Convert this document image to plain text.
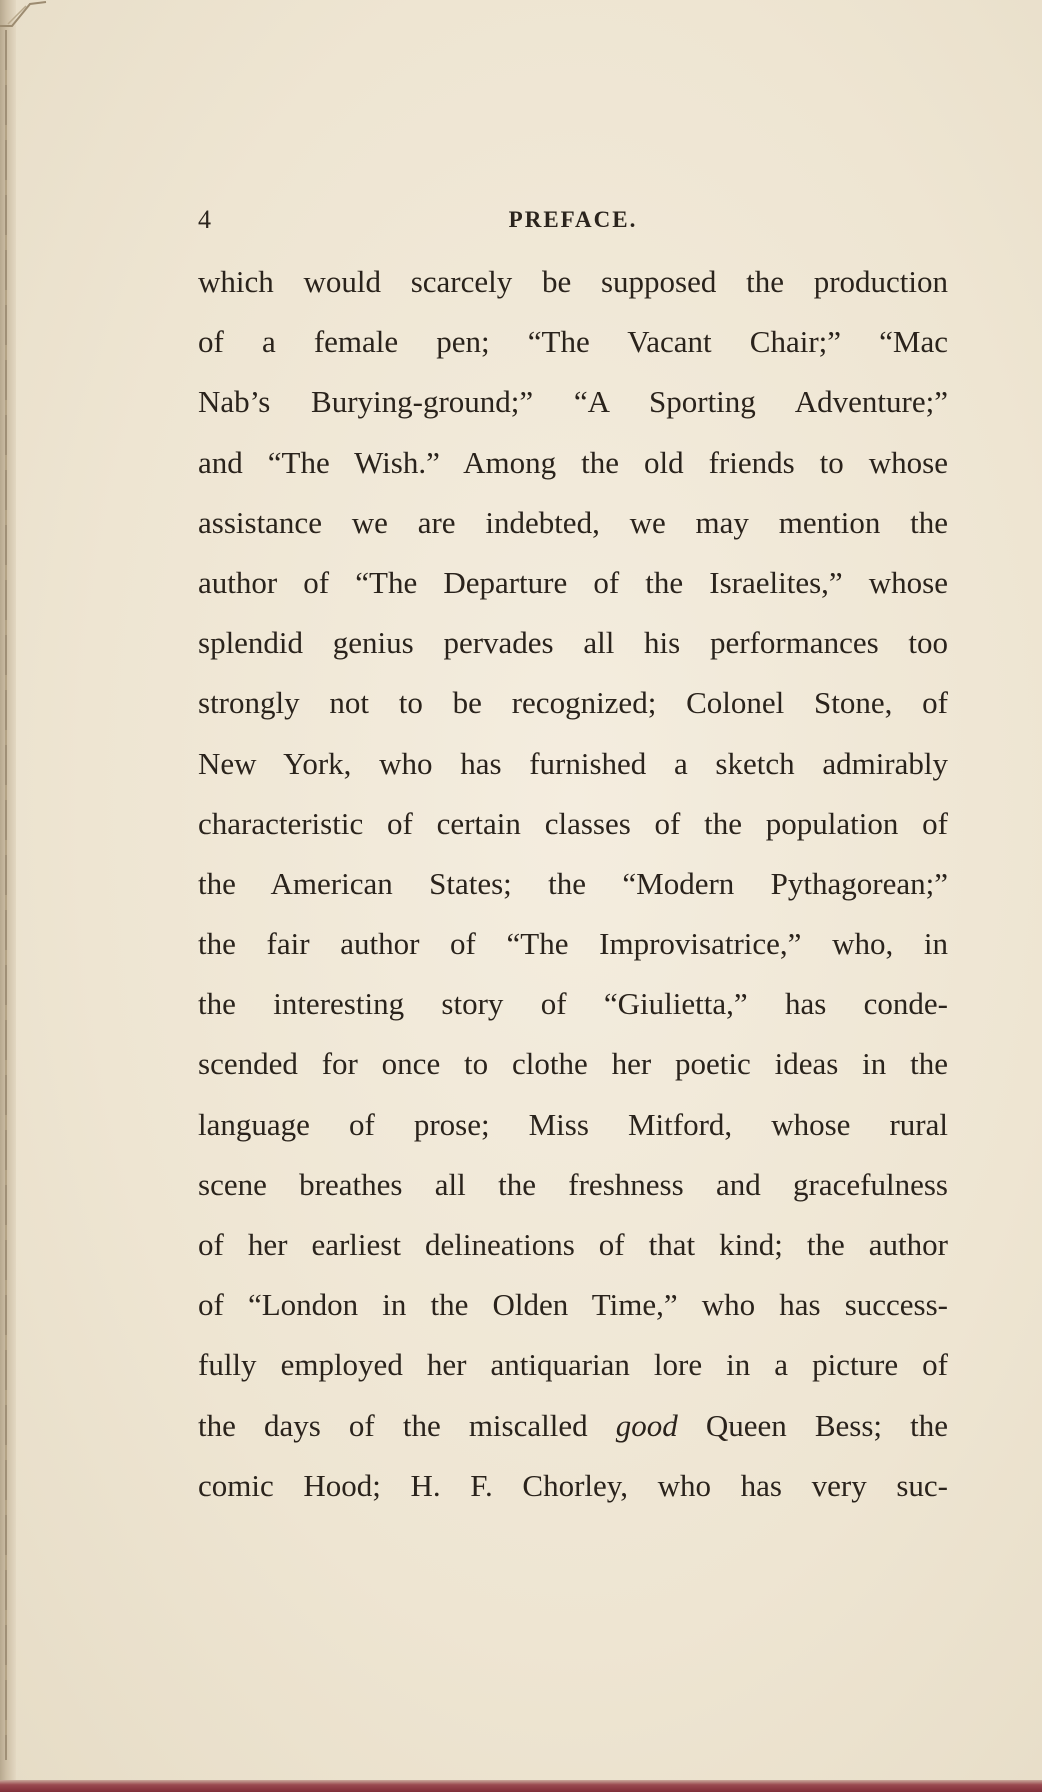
4	PREFACE.
which would scarcely be supposed the production
of a female pen; “The Vacant Chair;” “Mac
Nab’s Burying-ground;” “A Sporting Adventure;”
and “The Wish.” Among the old friends to whose
assistance we are indebted, we may mention the
author of “The Departure of the Israelites,” whose
splendid genius pervades all his performances too
strongly not to be recognized; Colonel Stone, of
New York, who has furnished a sketch admirably
characteristic of certain classes of the population of
the American States; the “Modern Pythagorean;”
the fair author of “The Improvisatrice,” who, in
the interesting story of “Giulietta,” has conde-
scended for once to clothe her poetic ideas in the
language of prose; Miss Mitford, whose rural
scene breathes all the freshness and gracefulness
of her earliest delineations of that kind; the author
of “London in the Olden Time,” who has success-
fully employed her antiquarian lore in a picture of
the days of the miscalled good Queen Bess; the
comic Hood; H. F. Chorley, who has very suc-
